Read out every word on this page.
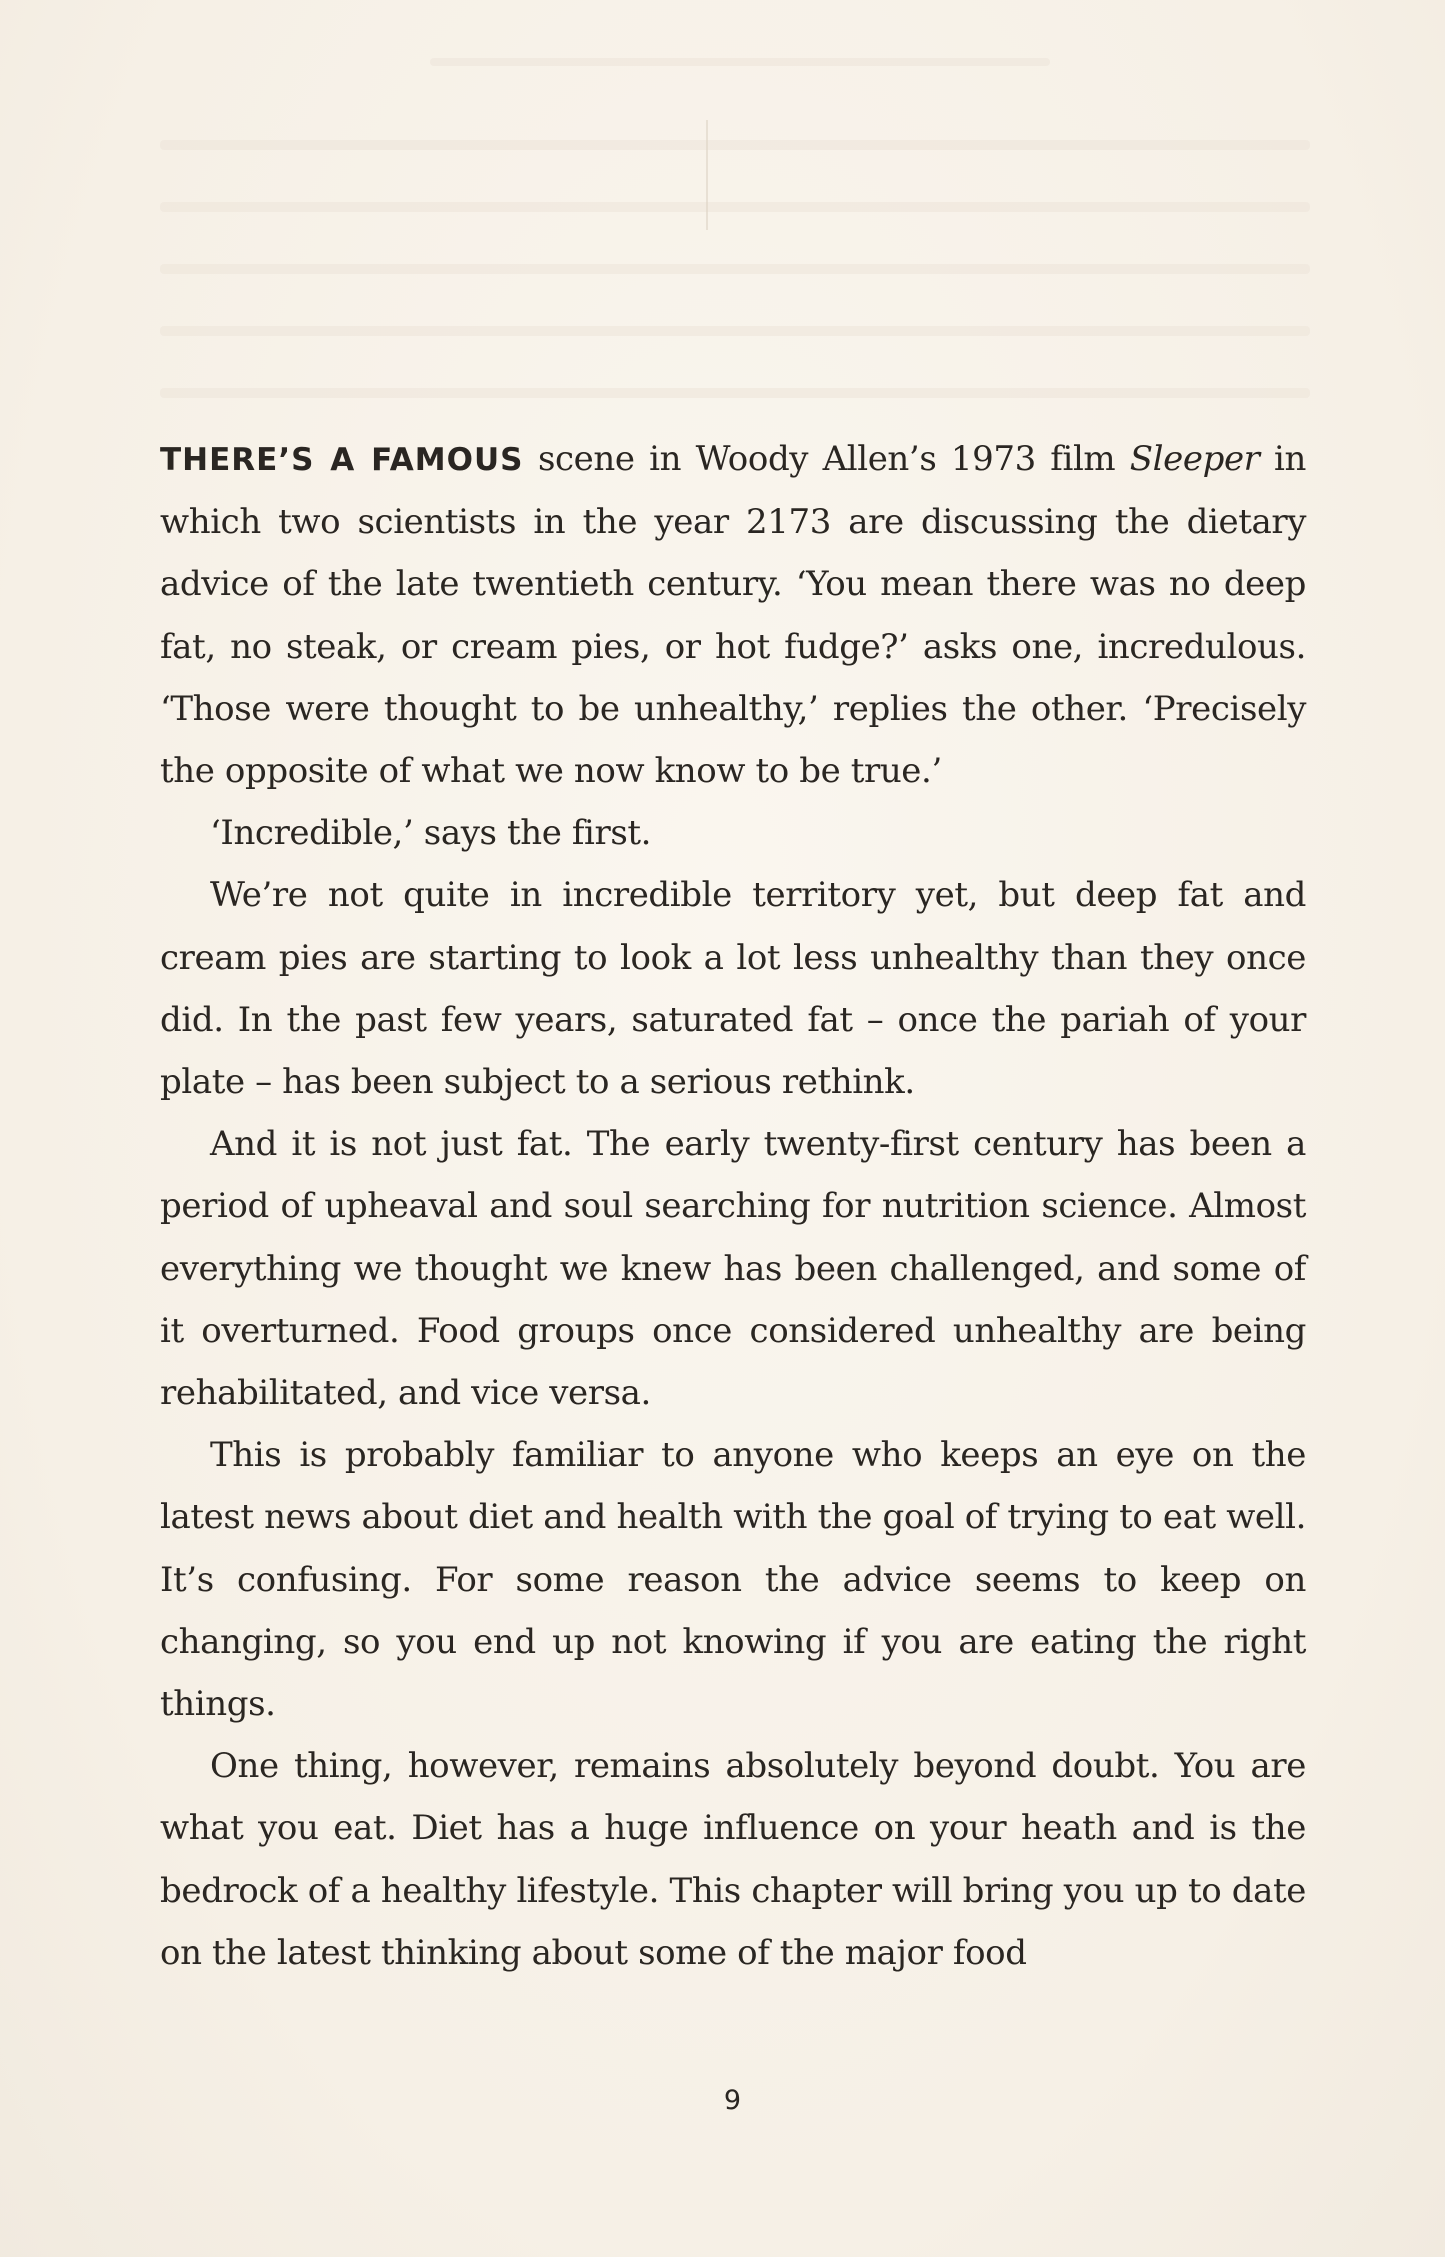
THERE’S A FAMOUS scene in Woody Allen’s 1973 film Sleeper in which two scientists in the year 2173 are discussing the dietary advice of the late twentieth century. ‘You mean there was no deep fat, no steak, or cream pies, or hot fudge?’ asks one, incredulous. ‘Those were thought to be unhealthy,’ replies the other. ‘Precisely the opposite of what we now know to be true.’

‘Incredible,’ says the first.

We’re not quite in incredible territory yet, but deep fat and cream pies are starting to look a lot less unhealthy than they once did. In the past few years, saturated fat – once the pariah of your plate – has been subject to a serious rethink.

And it is not just fat. The early twenty-first century has been a period of upheaval and soul searching for nutrition science. Almost everything we thought we knew has been challenged, and some of it overturned. Food groups once considered unhealthy are being rehabilitated, and vice versa.

This is probably familiar to anyone who keeps an eye on the latest news about diet and health with the goal of trying to eat well. It’s confusing. For some reason the advice seems to keep on changing, so you end up not knowing if you are eating the right things.

One thing, however, remains absolutely beyond doubt. You are what you eat. Diet has a huge influence on your heath and is the bedrock of a healthy lifestyle. This chapter will bring you up to date on the latest thinking about some of the major food

9
